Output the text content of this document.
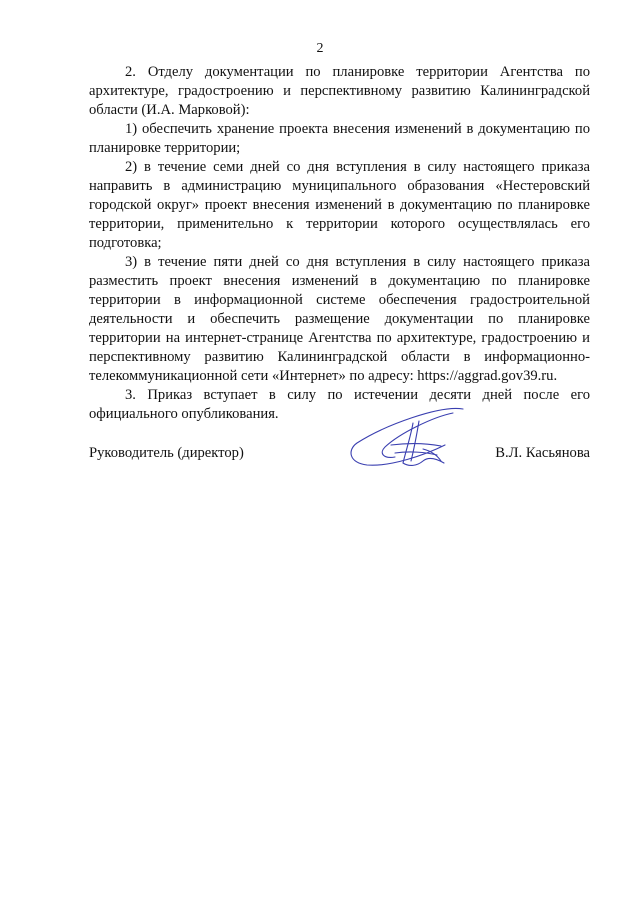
2

2. Отделу документации по планировке территории Агентства по архитектуре, градостроению и перспективному развитию Калининградской области (И.А. Марковой):

1) обеспечить хранение проекта внесения изменений в документацию по планировке территории;

2) в течение семи дней со дня вступления в силу настоящего приказа направить в администрацию муниципального образования «Нестеровский городской округ» проект внесения изменений в документацию по планировке территории, применительно к территории которого осуществлялась его подготовка;

3) в течение пяти дней со дня вступления в силу настоящего приказа разместить проект внесения изменений в документацию по планировке территории в информационной системе обеспечения градостроительной деятельности и обеспечить размещение документации по планировке территории на интернет-странице Агентства по архитектуре, градостроению и перспективному развитию Калининградской области в информационно-телекоммуникационной сети «Интернет» по адресу: https://aggrad.gov39.ru.

3. Приказ вступает в силу по истечении десяти дней после его официального опубликования.

Руководитель (директор)	В.Л. Касьянова
